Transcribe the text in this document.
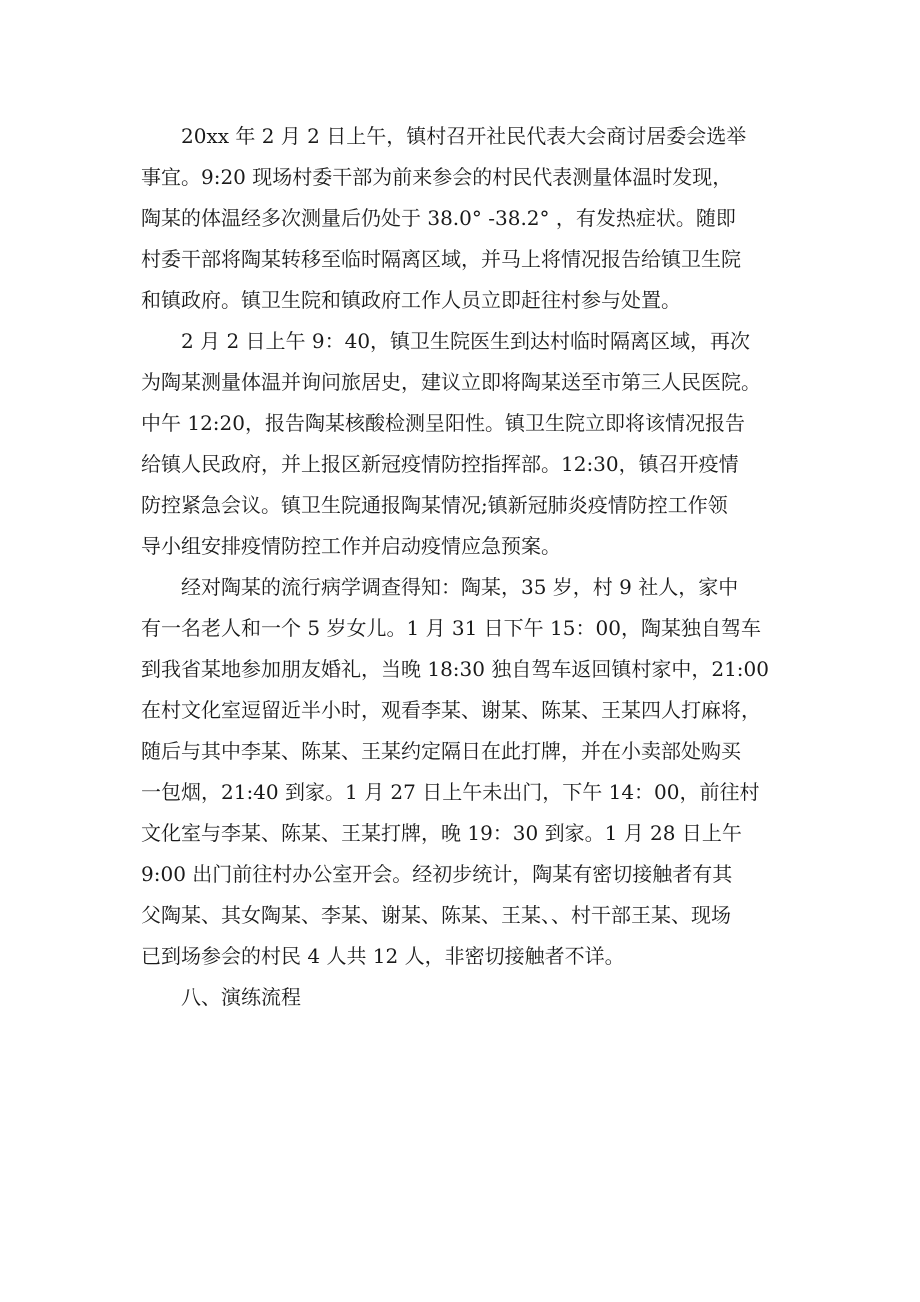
20xx 年 2 月 2 日上午，镇村召开社民代表大会商讨居委会选举
事宜。9:20 现场村委干部为前来参会的村民代表测量体温时发现，
陶某的体温经多次测量后仍处于 38.0° -38.2° ，有发热症状。随即
村委干部将陶某转移至临时隔离区域，并马上将情况报告给镇卫生院
和镇政府。镇卫生院和镇政府工作人员立即赶往村参与处置。
2 月 2 日上午 9：40，镇卫生院医生到达村临时隔离区域，再次
为陶某测量体温并询问旅居史，建议立即将陶某送至市第三人民医院。
中午 12:20，报告陶某核酸检测呈阳性。镇卫生院立即将该情况报告
给镇人民政府，并上报区新冠疫情防控指挥部。12:30，镇召开疫情
防控紧急会议。镇卫生院通报陶某情况;镇新冠肺炎疫情防控工作领
导小组安排疫情防控工作并启动疫情应急预案。
经对陶某的流行病学调查得知：陶某，35 岁，村 9 社人，家中
有一名老人和一个 5 岁女儿。1 月 31 日下午 15：00，陶某独自驾车
到我省某地参加朋友婚礼，当晚 18:30 独自驾车返回镇村家中，21:00
在村文化室逗留近半小时，观看李某、谢某、陈某、王某四人打麻将，
随后与其中李某、陈某、王某约定隔日在此打牌，并在小卖部处购买
一包烟，21:40 到家。1 月 27 日上午未出门，下午 14：00，前往村
文化室与李某、陈某、王某打牌，晚 19：30 到家。1 月 28 日上午
9:00 出门前往村办公室开会。经初步统计，陶某有密切接触者有其
父陶某、其女陶某、李某、谢某、陈某、王某、、村干部王某、现场
已到场参会的村民 4 人共 12 人，非密切接触者不详。
八、演练流程
